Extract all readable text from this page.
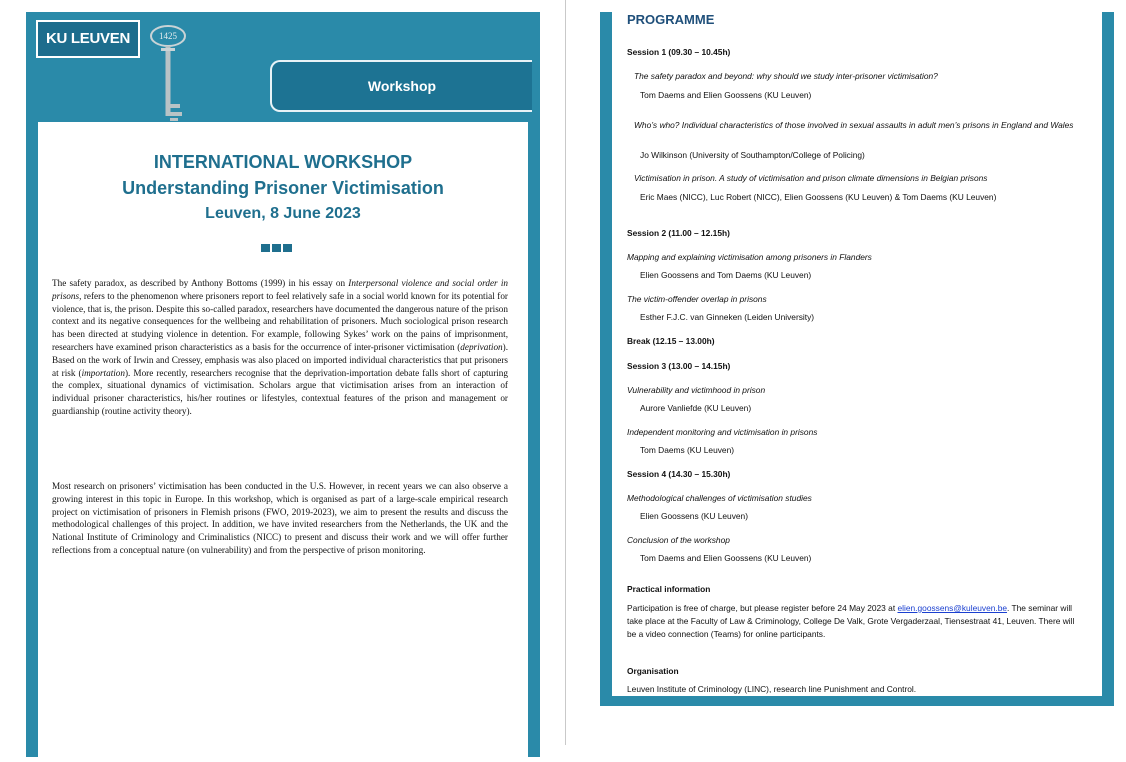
KU LEUVEN	1425
Workshop
INTERNATIONAL WORKSHOP
Understanding Prisoner Victimisation
Leuven, 8 June 2023
The safety paradox, as described by Anthony Bottoms (1999) in his essay on Interpersonal violence and social order in prisons, refers to the phenomenon where prisoners report to feel relatively safe in a social world known for its potential for violence, that is, the prison. Despite this so-called paradox, researchers have documented the dangerous nature of the prison context and its negative consequences for the wellbeing and rehabilitation of prisoners. Much sociological prison research has been directed at studying violence in detention. For example, following Sykes’ work on the pains of imprisonment, researchers have examined prison characteristics as a basis for the occurrence of inter-prisoner victimisation (deprivation). Based on the work of Irwin and Cressey, emphasis was also placed on imported individual characteristics that put prisoners at risk (importation). More recently, researchers recognise that the deprivation-importation debate falls short of capturing the complex, situational dynamics of victimisation. Scholars argue that victimisation arises from an interaction of individual prisoner characteristics, his/her routines or lifestyles, contextual features of the prison and management or guardianship (routine activity theory).
Most research on prisoners’ victimisation has been conducted in the U.S. However, in recent years we can also observe a growing interest in this topic in Europe. In this workshop, which is organised as part of a large-scale empirical research project on victimisation of prisoners in Flemish prisons (FWO, 2019-2023), we aim to present the results and discuss the methodological challenges of this project. In addition, we have invited researchers from the Netherlands, the UK and the National Institute of Criminology and Criminalistics (NICC) to present and discuss their work and we will offer further reflections from a conceptual nature (on vulnerability) and from the perspective of prison monitoring.
PROGRAMME
Participation is free of charge, but please register before 24 May 2023 at elien.goossens@kuleuven.be. The seminar will take place at the Faculty of Law & Criminology, College De Valk, Grote Vergaderzaal, Tiensestraat 41, Leuven. There will be a video connection (Teams) for online participants.
Session 1 (09.30 – 10.45h)
The safety paradox and beyond: why should we study inter-prisoner victimisation?
Tom Daems and Elien Goossens (KU Leuven)
Who’s who? Individual characteristics of those involved in sexual assaults in adult men’s prisons in England and Wales
Jo Wilkinson (University of Southampton/College of Policing)
Victimisation in prison. A study of victimisation and prison climate dimensions in Belgian prisons
Eric Maes (NICC), Luc Robert (NICC), Elien Goossens (KU Leuven) & Tom Daems (KU Leuven)
Session 2 (11.00 – 12.15h)
Mapping and explaining victimisation among prisoners in Flanders
Elien Goossens and Tom Daems (KU Leuven)
The victim-offender overlap in prisons
Esther F.J.C. van Ginneken (Leiden University)
Break (12.15 – 13.00h)
Session 3 (13.00 – 14.15h)
Vulnerability and victimhood in prison
Aurore Vanliefde (KU Leuven)
Independent monitoring and victimisation in prisons
Tom Daems (KU Leuven)
Session 4 (14.30 – 15.30h)
Methodological challenges of victimisation studies
Elien Goossens (KU Leuven)
Conclusion of the workshop
Tom Daems and Elien Goossens (KU Leuven)
Practical information
Organisation
Leuven Institute of Criminology (LINC), research line Punishment and Control.
